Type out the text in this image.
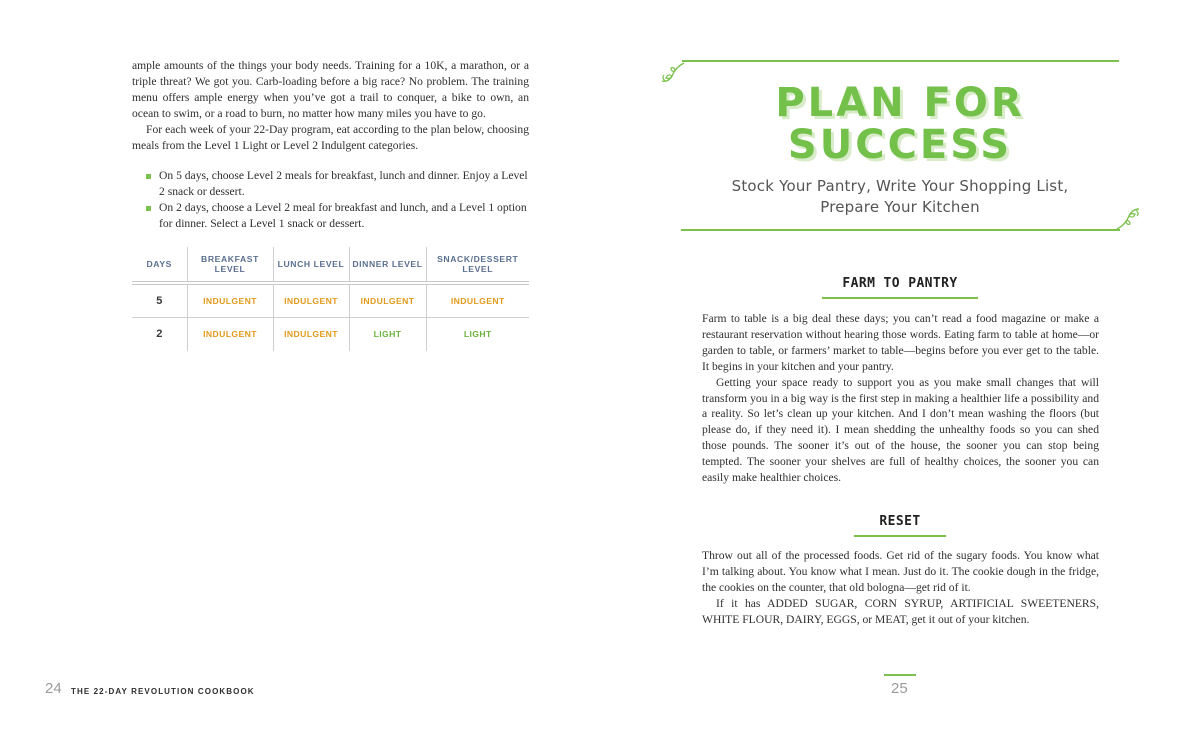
ample amounts of the things your body needs. Training for a 10K, a marathon, or a triple threat? We got you. Carb-loading before a big race? No problem. The training menu offers ample energy when you’ve got a trail to conquer, a bike to own, an ocean to swim, or a road to burn, no matter how many miles you have to go.

For each week of your 22-Day program, eat according to the plan below, choosing meals from the Level 1 Light or Level 2 Indulgent categories.

On 5 days, choose Level 2 meals for breakfast, lunch and dinner. Enjoy a Level 2 snack or dessert.
On 2 days, choose a Level 2 meal for breakfast and lunch, and a Level 1 option for dinner. Select a Level 1 snack or dessert.
DAYS	BREAKFAST LEVEL	LUNCH LEVEL	DINNER LEVEL	SNACK/DESSERT LEVEL
5	INDULGENT	INDULGENT	INDULGENT	INDULGENT
2	INDULGENT	INDULGENT	LIGHT	LIGHT
24 THE 22-DAY REVOLUTION COOKBOOK
PLAN FOR
SUCCESS
Stock Your Pantry, Write Your Shopping List,
Prepare Your Kitchen
FARM TO PANTRY

Farm to table is a big deal these days; you can’t read a food magazine or make a restaurant reservation without hearing those words. Eating farm to table at home—or garden to table, or farmers’ market to table—begins before you ever get to the table. It begins in your kitchen and your pantry.

Getting your space ready to support you as you make small changes that will transform you in a big way is the first step in making a healthier life a possibility and a reality. So let’s clean up your kitchen. And I don’t mean washing the floors (but please do, if they need it). I mean shedding the unhealthy foods so you can shed those pounds. The sooner it’s out of the house, the sooner you can stop being tempted. The sooner your shelves are full of healthy choices, the sooner you can easily make healthier choices.

RESET

Throw out all of the processed foods. Get rid of the sugary foods. You know what I’m talking about. You know what I mean. Just do it. The cookie dough in the fridge, the cookies on the counter, that old bologna—get rid of it.

If it has ADDED SUGAR, CORN SYRUP, ARTIFICIAL SWEETENERS, WHITE FLOUR, DAIRY, EGGS, or MEAT, get it out of your kitchen.

25
